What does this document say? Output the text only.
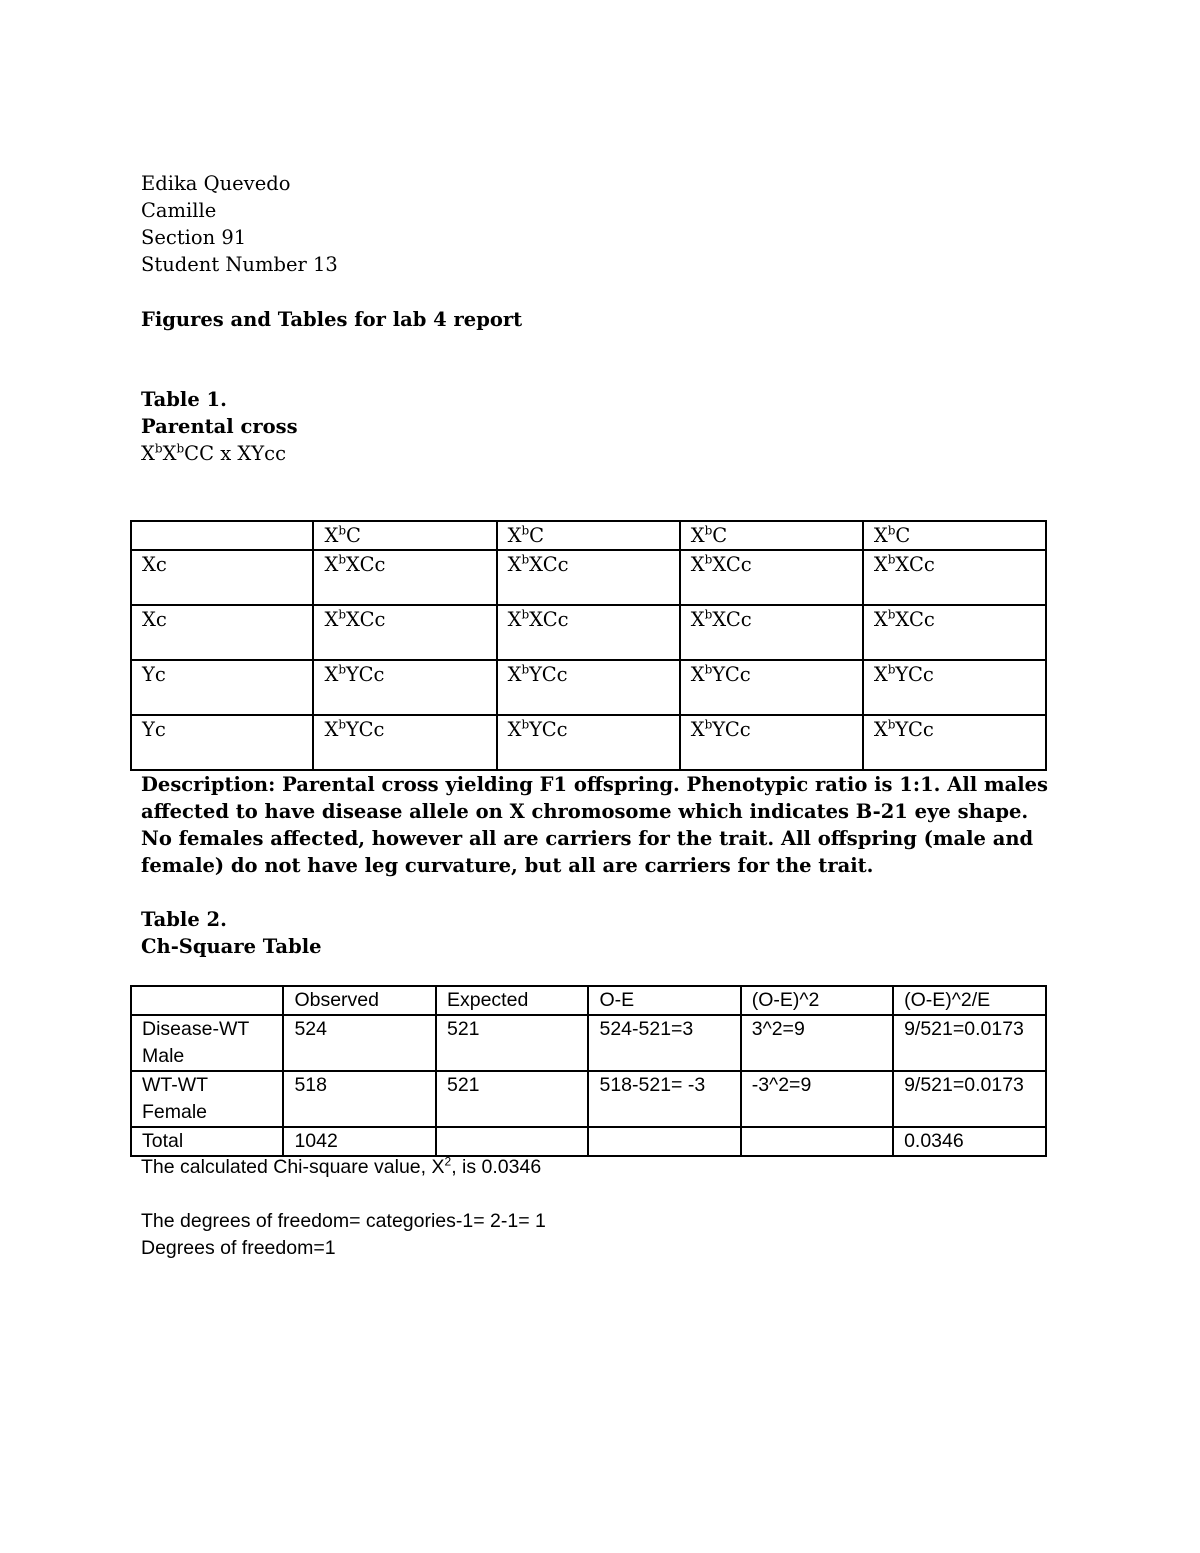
Edika Quevedo
Camille
Section 91
Student Number 13
Figures and Tables for lab 4 report
Table 1.
Parental cross
$X^bX^bCC$ x XYcc
	$X^bC$	$X^bC$	$X^bC$	$X^bC$
Xc	$X^bXCc$	$X^bXCc$	$X^bXCc$	$X^bXCc$
Xc	$X^bXCc$	$X^bXCc$	$X^bXCc$	$X^bXCc$
Yc	$X^bYCc$	$X^bYCc$	$X^bYCc$	$X^bYCc$
Yc	$X^bYCc$	$X^bYCc$	$X^bYCc$	$X^bYCc$
Description: Parental cross yielding F1 offspring. Phenotypic ratio is 1:1. All males affected to have disease allele on X chromosome which indicates B-21 eye shape. No females affected, however all are carriers for the trait. All offspring (male and female) do not have leg curvature, but all are carriers for the trait.
Table 2.
Ch-Square Table
	Observed	Expected	O-E	(O-E)^2	(O-E)^2/E
Disease-WT Male	524	521	524-521=3	3^2=9	9/521=0.0173
WT-WT Female	518	521	518-521= -3	-3^2=9	9/521=0.0173
Total	1042				0.0346
The calculated Chi-square value, $X^2$, is 0.0346
The degrees of freedom= categories-1= 2-1= 1
Degrees of freedom=1
